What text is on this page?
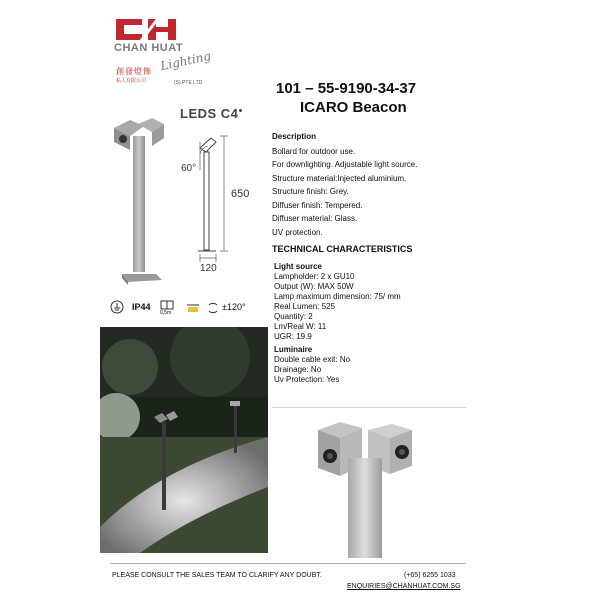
CHAN HUAT
Lighting
創發燈飾
私人有限公司	(S) PTE LTD	101 – 55-9190-34-37
ICARO Beacon
LEDS C4●
60°
650
120
IP44
0,5m
±120°
Description
Bollard for outdoor use.
For downlighting. Adjustable light source.
Structure material:Injected aluminium.
Structure finish: Grey.
Diffuser finish: Tempered.
Diffuser material: Glass.
UV protection.
TECHNICAL CHARACTERISTICS
Light source
Lampholder: 2 x GU10
Output (W): MAX 50W
Lamp maximum dimension: 75/ mm
Real Lumen: 525
Quantity: 2
Lm/Real W: 11
UGR: 19.9
Luminaire
Double cable exit: No
Drainage: No
Uv Protection: Yes
PLEASE CONSULT THE SALES TEAM TO CLARIFY ANY DOUBT.	(+65) 6255 1033
ENQUIRIES@CHANHUAT.COM.SG
